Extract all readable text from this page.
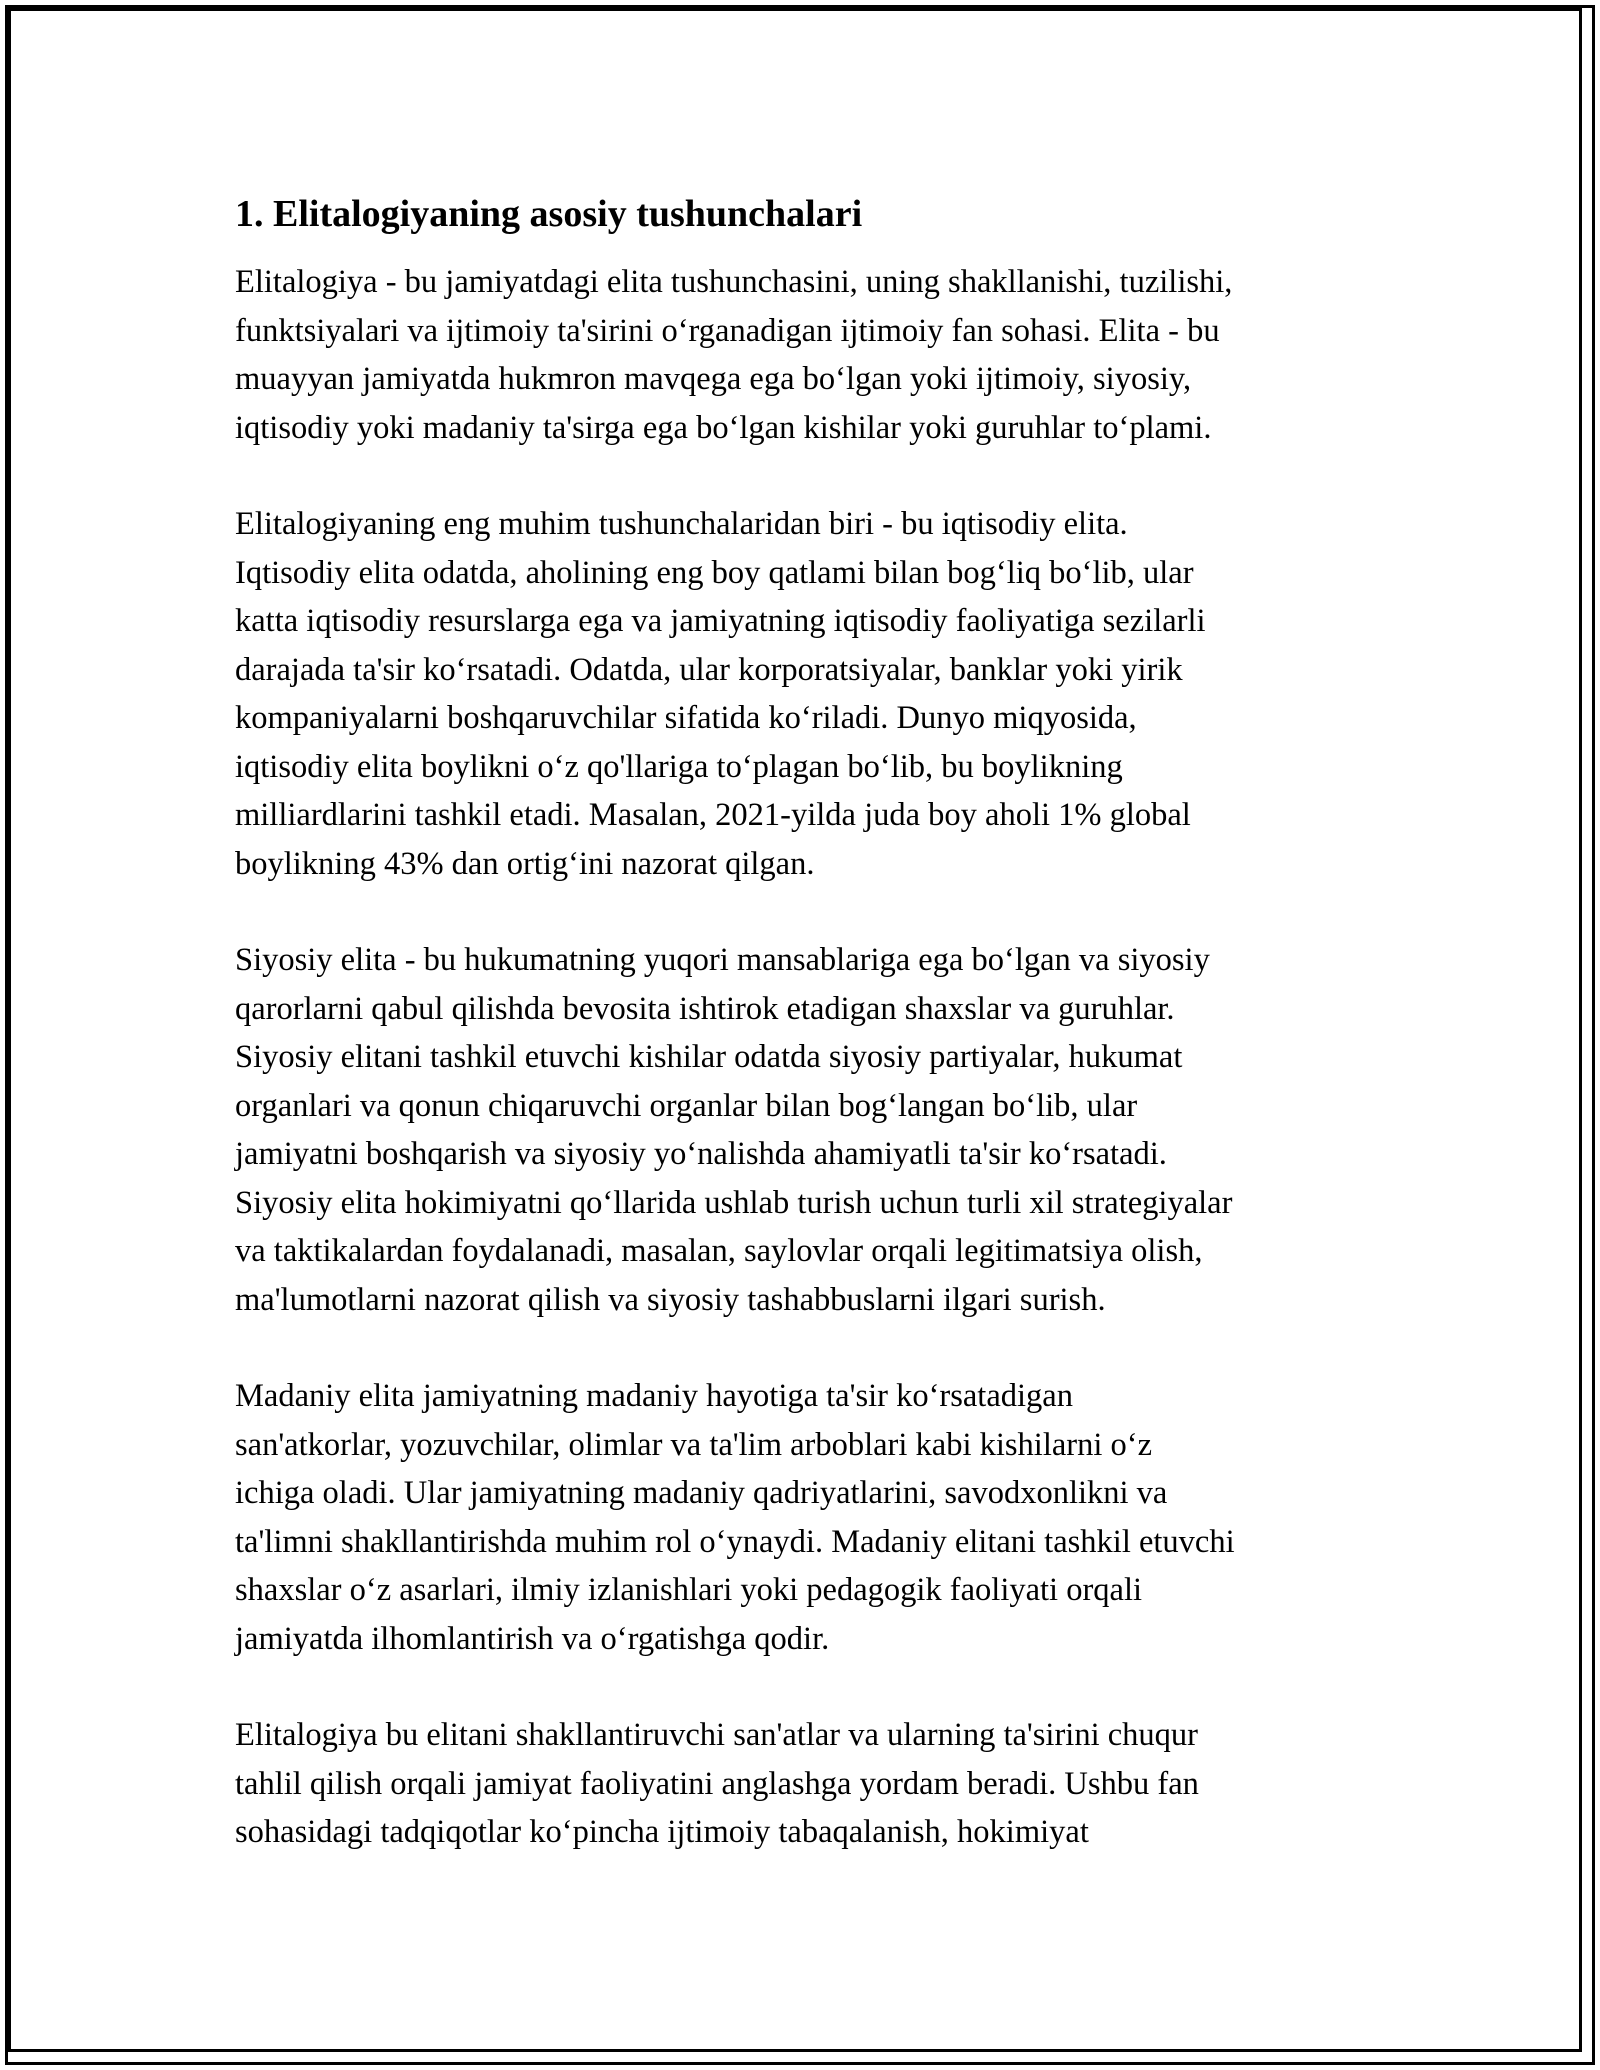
1. Elitalogiyaning asosiy tushunchalari
Elitalogiya - bu jamiyatdagi elita tushunchasini, uning shakllanishi, tuzilishi,
funktsiyalari va ijtimoiy ta'sirini o‘rganadigan ijtimoiy fan sohasi. Elita - bu
muayyan jamiyatda hukmron mavqega ega bo‘lgan yoki ijtimoiy, siyosiy,
iqtisodiy yoki madaniy ta'sirga ega bo‘lgan kishilar yoki guruhlar to‘plami.
Elitalogiyaning eng muhim tushunchalaridan biri - bu iqtisodiy elita.
Iqtisodiy elita odatda, aholining eng boy qatlami bilan bog‘liq bo‘lib, ular
katta iqtisodiy resurslarga ega va jamiyatning iqtisodiy faoliyatiga sezilarli
darajada ta'sir ko‘rsatadi. Odatda, ular korporatsiyalar, banklar yoki yirik
kompaniyalarni boshqaruvchilar sifatida ko‘riladi. Dunyo miqyosida,
iqtisodiy elita boylikni o‘z qo'llariga to‘plagan bo‘lib, bu boylikning
milliardlarini tashkil etadi. Masalan, 2021-yilda juda boy aholi 1% global
boylikning 43% dan ortig‘ini nazorat qilgan.
Siyosiy elita - bu hukumatning yuqori mansablariga ega bo‘lgan va siyosiy
qarorlarni qabul qilishda bevosita ishtirok etadigan shaxslar va guruhlar.
Siyosiy elitani tashkil etuvchi kishilar odatda siyosiy partiyalar, hukumat
organlari va qonun chiqaruvchi organlar bilan bog‘langan bo‘lib, ular
jamiyatni boshqarish va siyosiy yo‘nalishda ahamiyatli ta'sir ko‘rsatadi.
Siyosiy elita hokimiyatni qo‘llarida ushlab turish uchun turli xil strategiyalar
va taktikalardan foydalanadi, masalan, saylovlar orqali legitimatsiya olish,
ma'lumotlarni nazorat qilish va siyosiy tashabbuslarni ilgari surish.
Madaniy elita jamiyatning madaniy hayotiga ta'sir ko‘rsatadigan
san'atkorlar, yozuvchilar, olimlar va ta'lim arboblari kabi kishilarni o‘z
ichiga oladi. Ular jamiyatning madaniy qadriyatlarini, savodxonlikni va
ta'limni shakllantirishda muhim rol o‘ynaydi. Madaniy elitani tashkil etuvchi
shaxslar o‘z asarlari, ilmiy izlanishlari yoki pedagogik faoliyati orqali
jamiyatda ilhomlantirish va o‘rgatishga qodir.
Elitalogiya bu elitani shakllantiruvchi san'atlar va ularning ta'sirini chuqur
tahlil qilish orqali jamiyat faoliyatini anglashga yordam beradi. Ushbu fan
sohasidagi tadqiqotlar ko‘pincha ijtimoiy tabaqalanish, hokimiyat
